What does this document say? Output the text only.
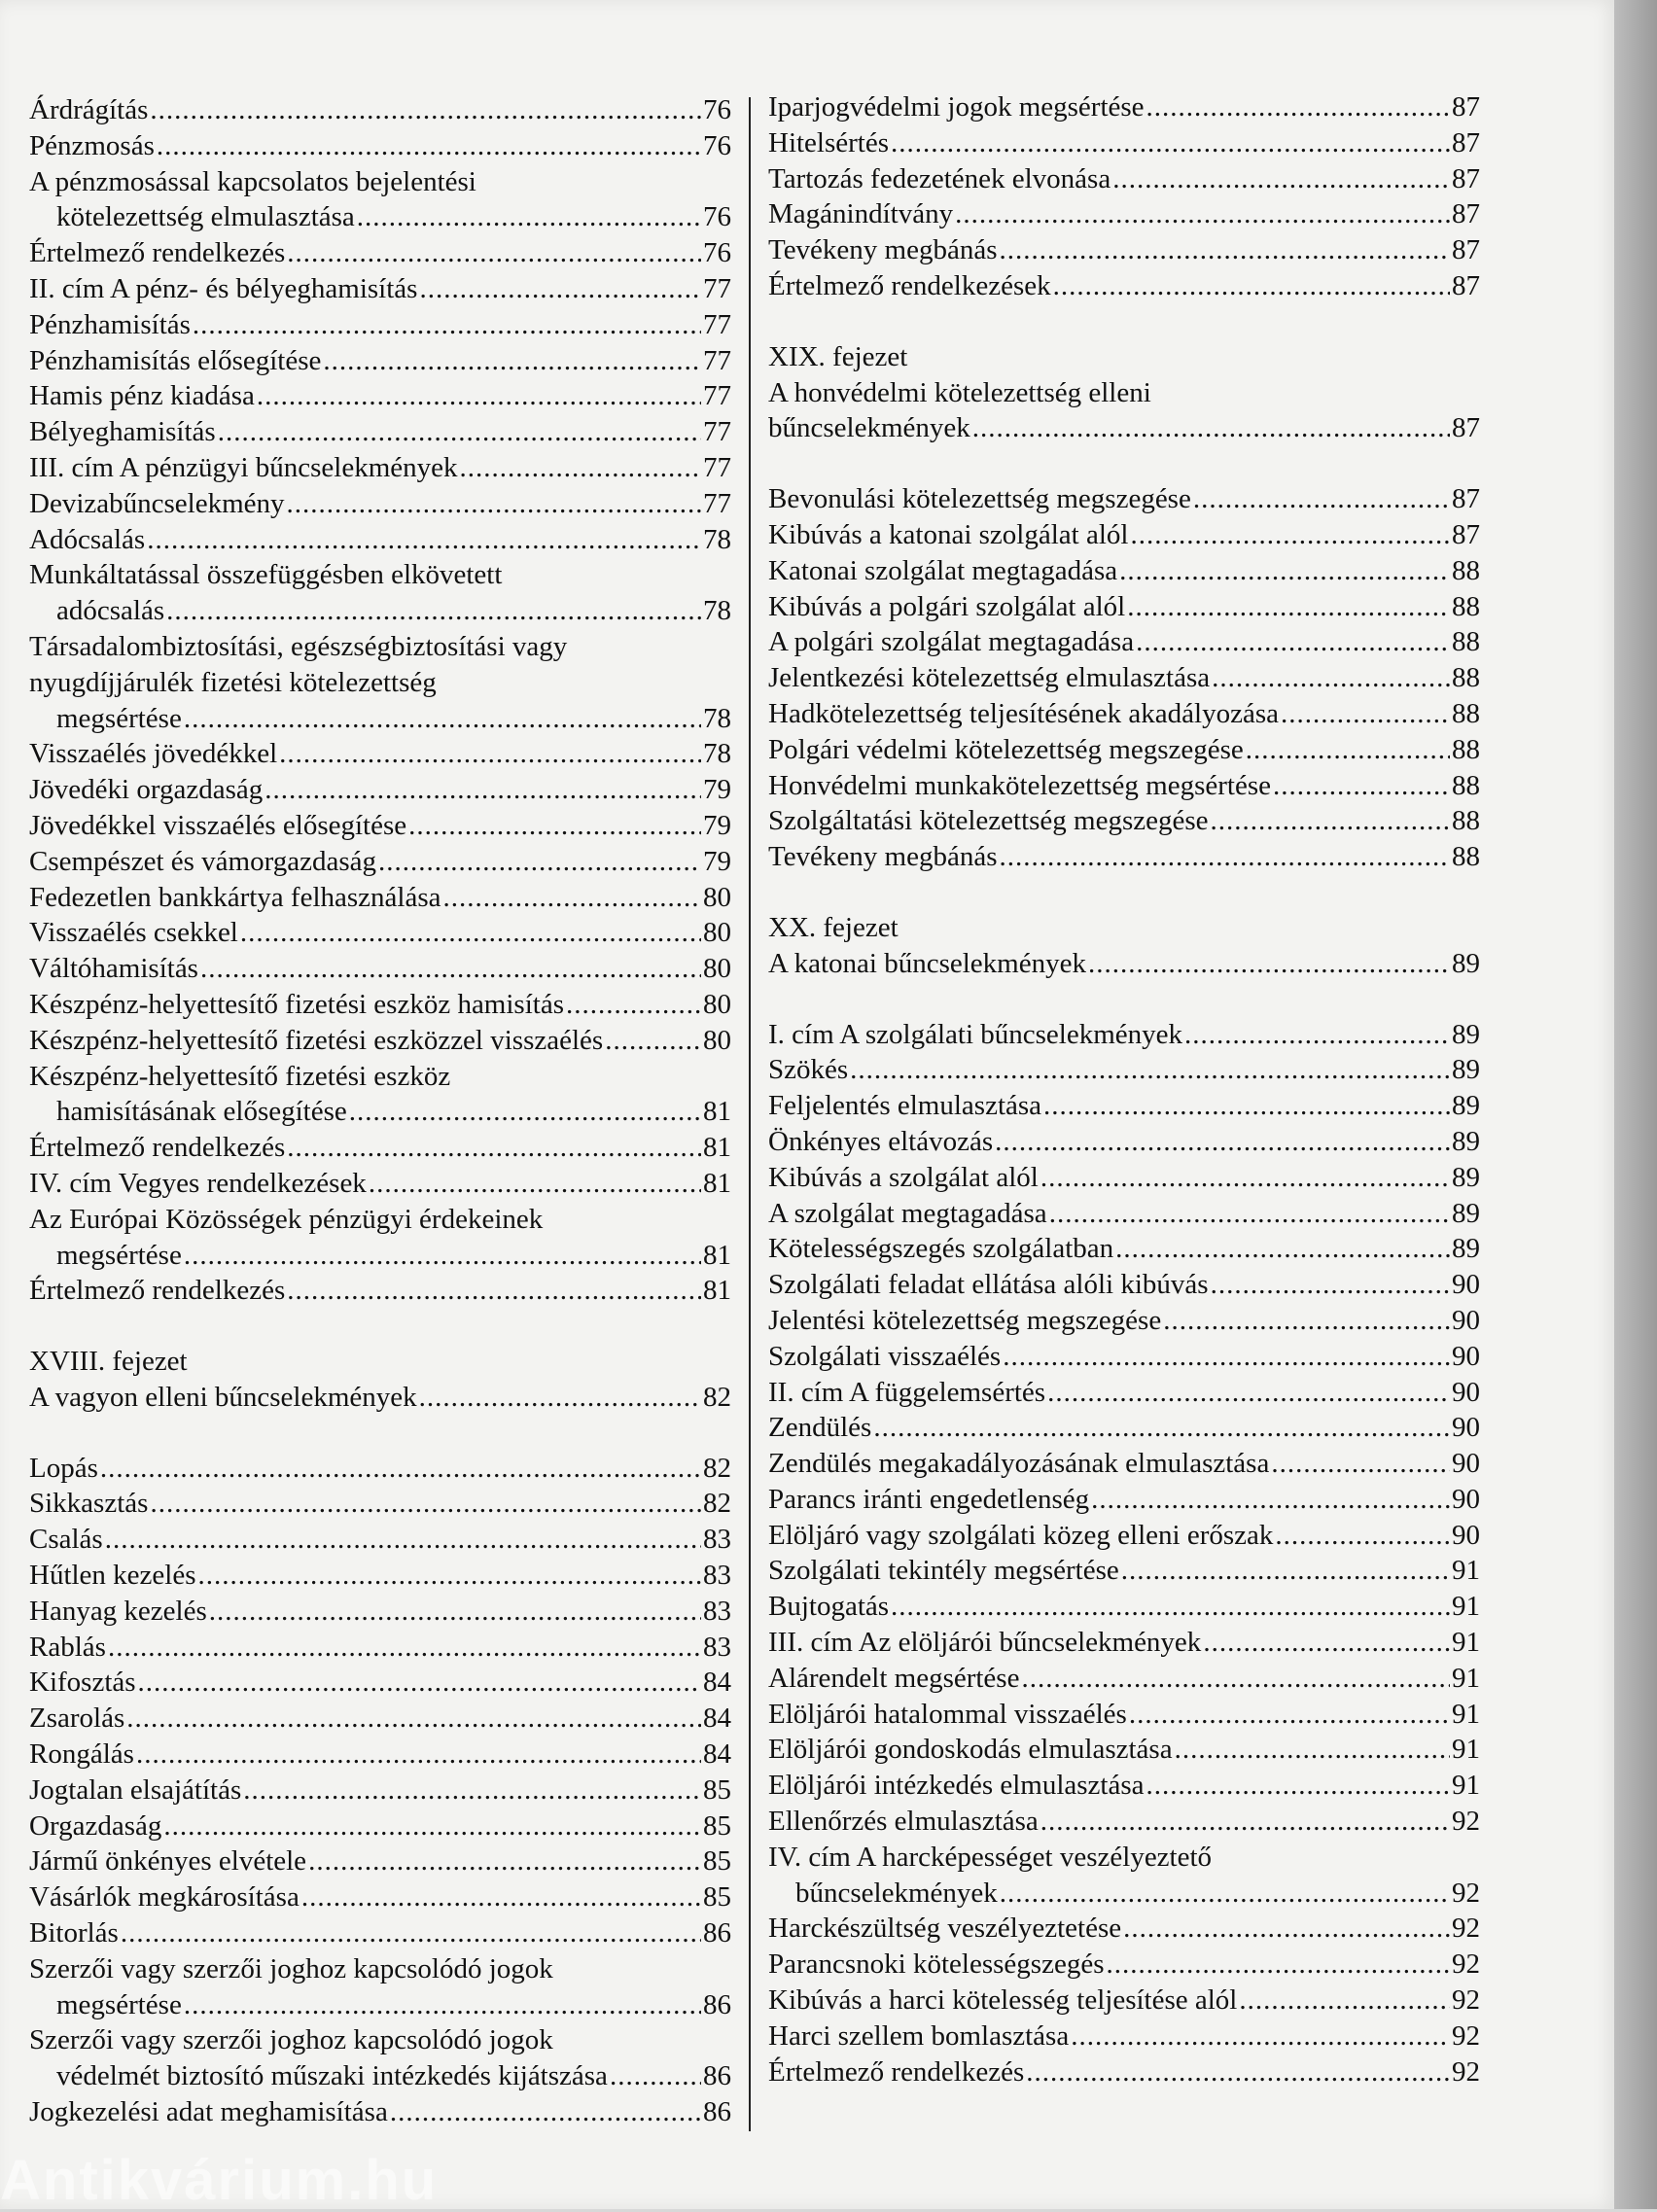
Árdrágítás .....	76
Pénzmosás .....	76
A pénzmosással kapcsolatos bejelentési
kötelezettség elmulasztása .....	76
Értelmező rendelkezés .....	76
II. cím A pénz- és bélyeghamisítás .....	77
Pénzhamisítás .....	77
Pénzhamisítás elősegítése .....	77
Hamis pénz kiadása .....	77
Bélyeghamisítás .....	77
III. cím A pénzügyi bűncselekmények .....	77
Devizabűncselekmény .....	77
Adócsalás .....	78
Munkáltatással összefüggésben elkövetett
adócsalás .....	78
Társadalombiztosítási, egészségbiztosítási vagy
nyugdíjjárulék fizetési kötelezettség
megsértése .....	78
Visszaélés jövedékkel .....	78
Jövedéki orgazdaság .....	79
Jövedékkel visszaélés elősegítése .....	79
Csempészet és vámorgazdaság .....	79
Fedezetlen bankkártya felhasználása .....	80
Visszaélés csekkel .....	80
Váltóhamisítás .....	80
Készpénz-helyettesítő fizetési eszköz hamisítás .....	80
Készpénz-helyettesítő fizetési eszközzel visszaélés .....	80
Készpénz-helyettesítő fizetési eszköz
hamisításának elősegítése .....	81
Értelmező rendelkezés .....	81
IV. cím Vegyes rendelkezések .....	81
Az Európai Közösségek pénzügyi érdekeinek
megsértése .....	81
Értelmező rendelkezés .....	81
XVIII. fejezet
A vagyon elleni bűncselekmények .....	82
Lopás .....	82
Sikkasztás .....	82
Csalás .....	83
Hűtlen kezelés .....	83
Hanyag kezelés .....	83
Rablás .....	83
Kifosztás .....	84
Zsarolás .....	84
Rongálás .....	84
Jogtalan elsajátítás .....	85
Orgazdaság .....	85
Jármű önkényes elvétele .....	85
Vásárlók megkárosítása .....	85
Bitorlás .....	86
Szerzői vagy szerzői joghoz kapcsolódó jogok
megsértése .....	86
Szerzői vagy szerzői joghoz kapcsolódó jogok
védelmét biztosító műszaki intézkedés kijátszása .....	86
Jogkezelési adat meghamisítása .....	86
Iparjogvédelmi jogok megsértése .....	87
Hitelsértés .....	87
Tartozás fedezetének elvonása .....	87
Magánindítvány .....	87
Tevékeny megbánás .....	87
Értelmező rendelkezések .....	87
XIX. fejezet
A honvédelmi kötelezettség elleni
bűncselekmények .....	87
Bevonulási kötelezettség megszegése .....	87
Kibúvás a katonai szolgálat alól .....	87
Katonai szolgálat megtagadása .....	88
Kibúvás a polgári szolgálat alól .....	88
A polgári szolgálat megtagadása .....	88
Jelentkezési kötelezettség elmulasztása .....	88
Hadkötelezettség teljesítésének akadályozása .....	88
Polgári védelmi kötelezettség megszegése .....	88
Honvédelmi munkakötelezettség megsértése .....	88
Szolgáltatási kötelezettség megszegése .....	88
Tevékeny megbánás .....	88
XX. fejezet
A katonai bűncselekmények .....	89
I. cím A szolgálati bűncselekmények .....	89
Szökés .....	89
Feljelentés elmulasztása .....	89
Önkényes eltávozás .....	89
Kibúvás a szolgálat alól .....	89
A szolgálat megtagadása .....	89
Kötelességszegés szolgálatban .....	89
Szolgálati feladat ellátása alóli kibúvás .....	90
Jelentési kötelezettség megszegése .....	90
Szolgálati visszaélés .....	90
II. cím A függelemsértés .....	90
Zendülés .....	90
Zendülés megakadályozásának elmulasztása .....	90
Parancs iránti engedetlenség .....	90
Elöljáró vagy szolgálati közeg elleni erőszak .....	90
Szolgálati tekintély megsértése .....	91
Bujtogatás .....	91
III. cím Az elöljárói bűncselekmények .....	91
Alárendelt megsértése .....	91
Elöljárói hatalommal visszaélés .....	91
Elöljárói gondoskodás elmulasztása .....	91
Elöljárói intézkedés elmulasztása .....	91
Ellenőrzés elmulasztása .....	92
IV. cím A harcképességet veszélyeztető
bűncselekmények .....	92
Harckészültség veszélyeztetése .....	92
Parancsnoki kötelességszegés .....	92
Kibúvás a harci kötelesség teljesítése alól .....	92
Harci szellem bomlasztása .....	92
Értelmező rendelkezés .....	92
Antikvárium.hu
